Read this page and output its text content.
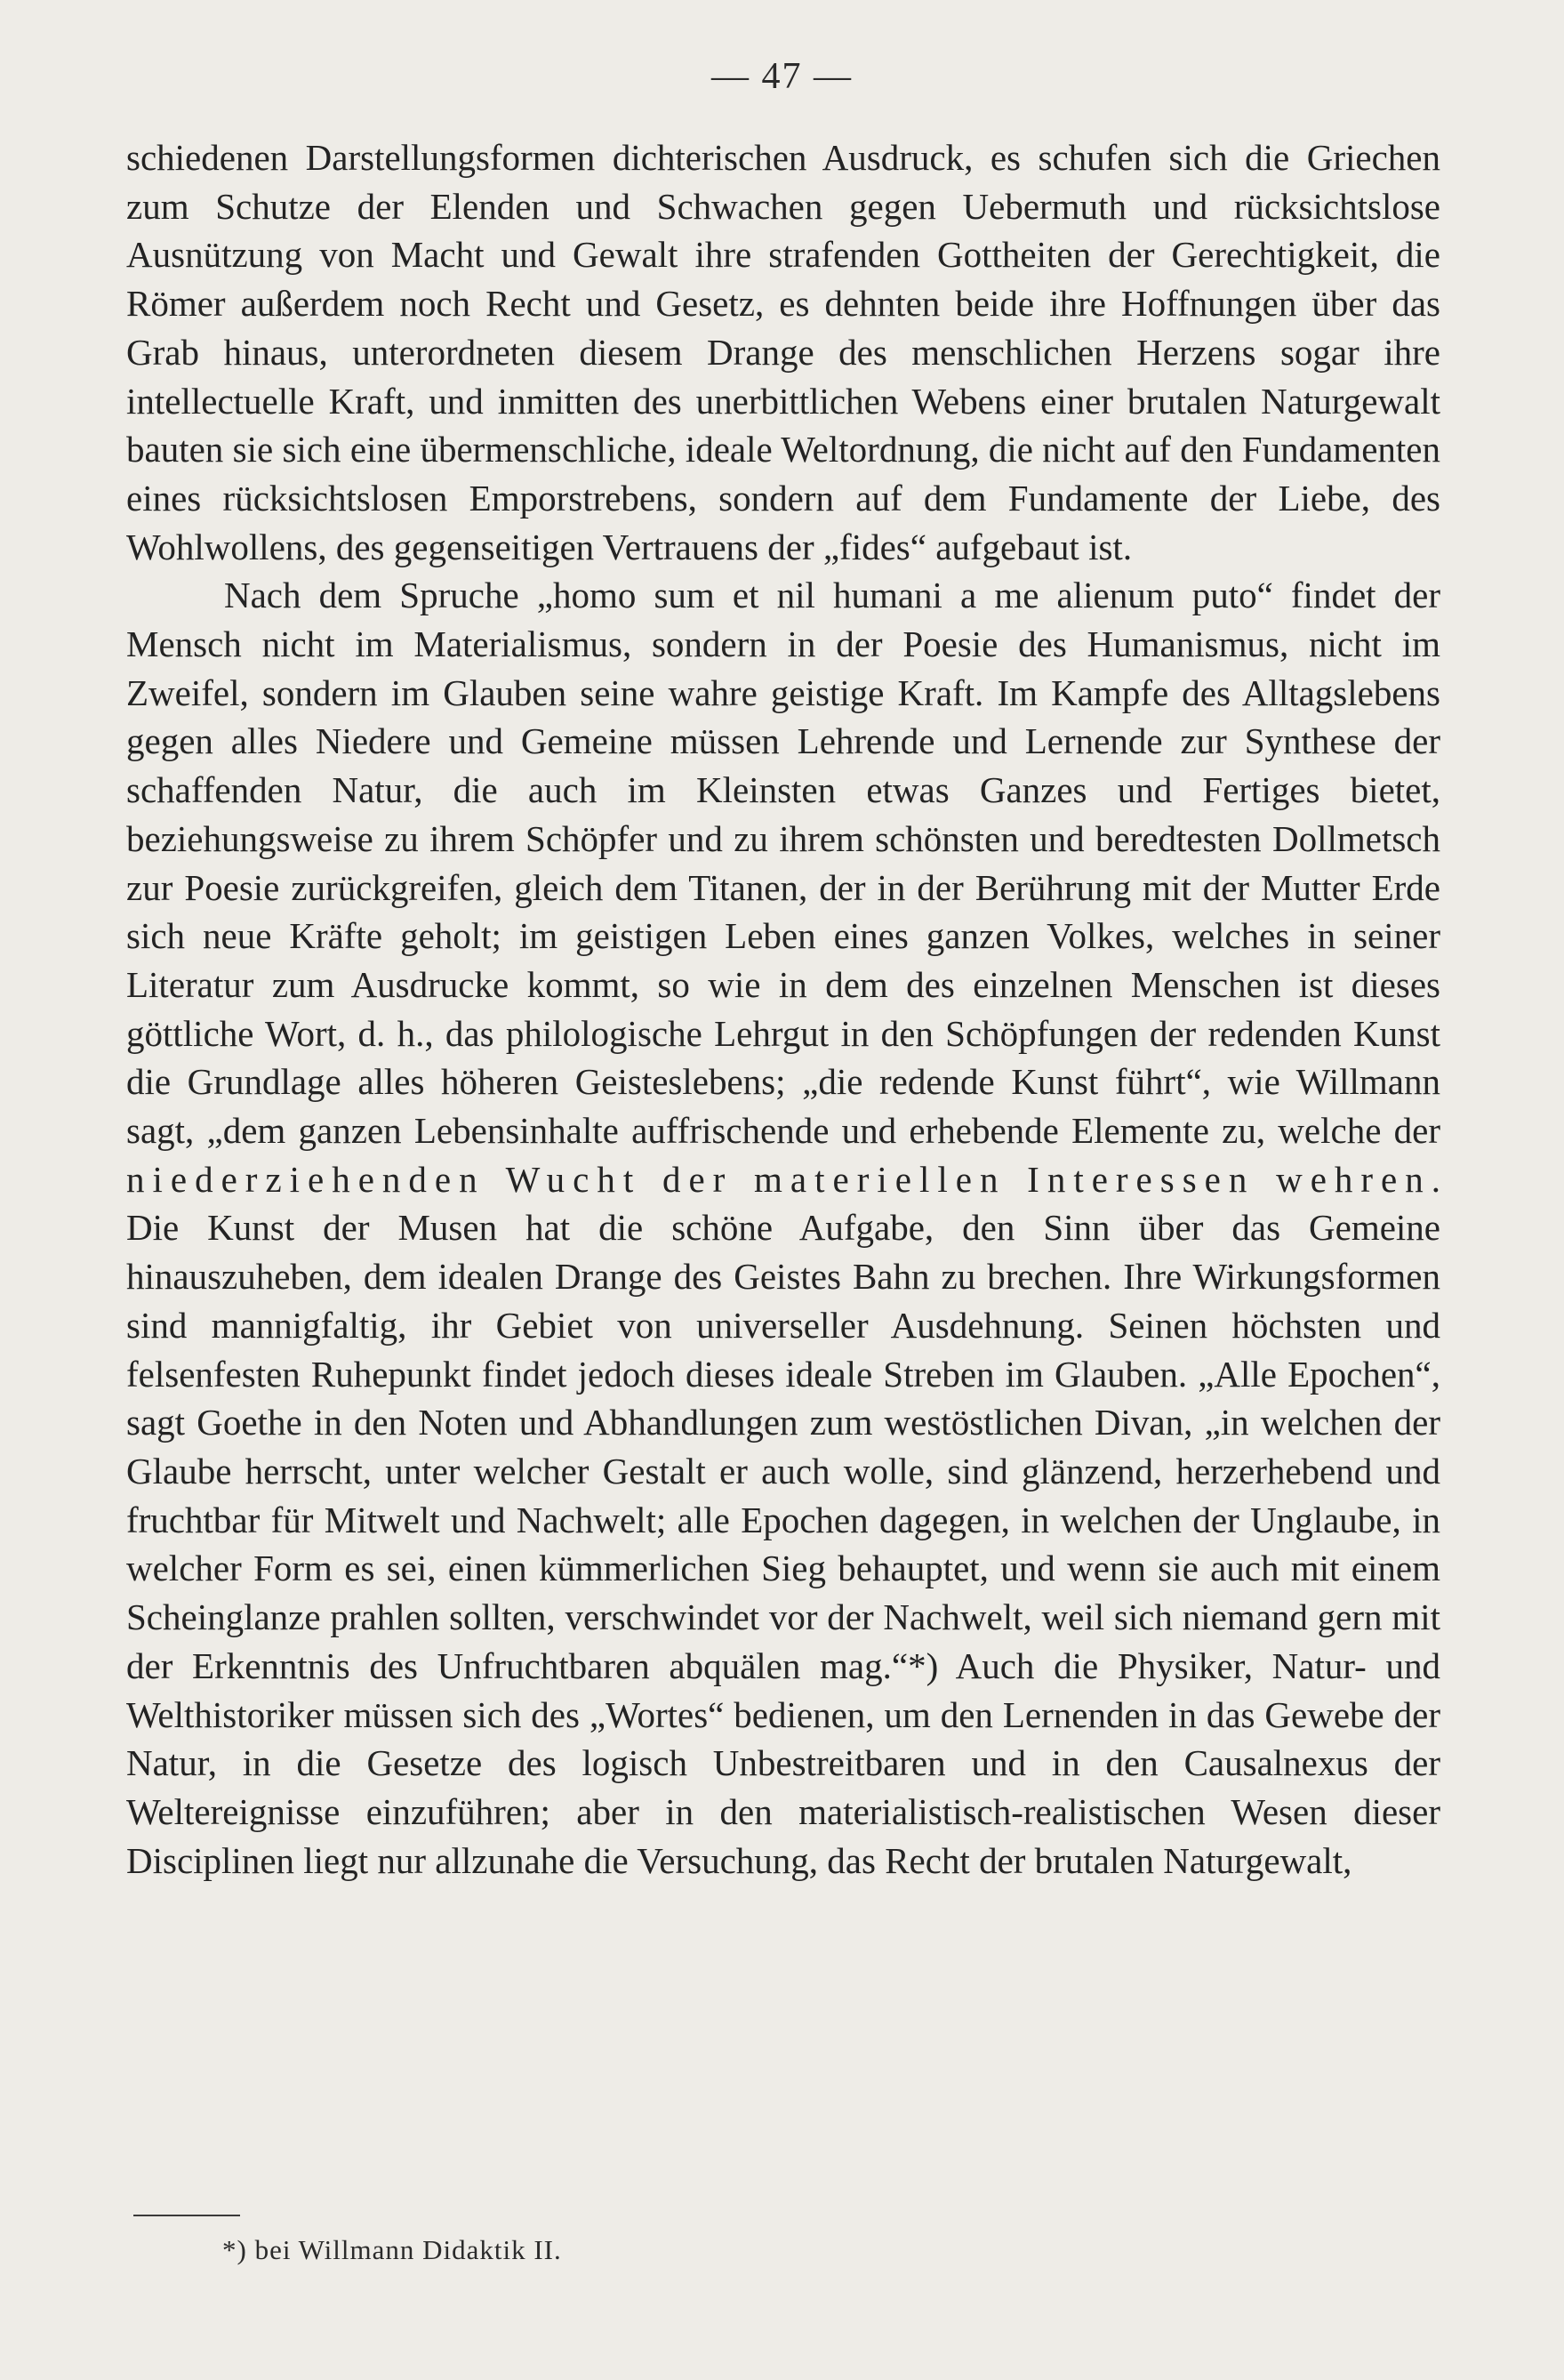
— 47 —

schiedenen Darstellungsformen dichterischen Ausdruck, es schufen sich die Griechen zum Schutze der Elenden und Schwachen gegen Uebermuth und rücksichtslose Ausnützung von Macht und Gewalt ihre strafenden Gottheiten der Gerechtigkeit, die Römer außerdem noch Recht und Gesetz, es dehnten beide ihre Hoffnungen über das Grab hinaus, unterordneten diesem Drange des menschlichen Herzens sogar ihre intellectuelle Kraft, und inmitten des unerbittlichen Webens einer brutalen Naturgewalt bauten sie sich eine übermenschliche, ideale Weltordnung, die nicht auf den Fundamenten eines rücksichtslosen Emporstrebens, sondern auf dem Fundamente der Liebe, des Wohlwollens, des gegenseitigen Vertrauens der „fides“ aufgebaut ist.

Nach dem Spruche „homo sum et nil humani a me alienum puto“ findet der Mensch nicht im Materialismus, sondern in der Poesie des Humanismus, nicht im Zweifel, sondern im Glauben seine wahre geistige Kraft. Im Kampfe des Alltagslebens gegen alles Niedere und Gemeine müssen Lehrende und Lernende zur Synthese der schaffenden Natur, die auch im Kleinsten etwas Ganzes und Fertiges bietet, beziehungsweise zu ihrem Schöpfer und zu ihrem schönsten und beredtesten Dollmetsch zur Poesie zurückgreifen, gleich dem Titanen, der in der Berührung mit der Mutter Erde sich neue Kräfte geholt; im geistigen Leben eines ganzen Volkes, welches in seiner Literatur zum Ausdrucke kommt, so wie in dem des einzelnen Menschen ist dieses göttliche Wort, d. h., das philologische Lehrgut in den Schöpfungen der redenden Kunst die Grundlage alles höheren Geisteslebens; „die redende Kunst führt“, wie Willmann sagt, „dem ganzen Lebensinhalte auffrischende und erhebende Elemente zu, welche der niederziehenden Wucht der materiellen Interessen wehren. Die Kunst der Musen hat die schöne Aufgabe, den Sinn über das Gemeine hinauszuheben, dem idealen Drange des Geistes Bahn zu brechen. Ihre Wirkungsformen sind mannigfaltig, ihr Gebiet von universeller Ausdehnung. Seinen höchsten und felsenfesten Ruhepunkt findet jedoch dieses ideale Streben im Glauben. „Alle Epochen“, sagt Goethe in den Noten und Abhandlungen zum westöstlichen Divan, „in welchen der Glaube herrscht, unter welcher Gestalt er auch wolle, sind glänzend, herzerhebend und fruchtbar für Mitwelt und Nachwelt; alle Epochen dagegen, in welchen der Unglaube, in welcher Form es sei, einen kümmerlichen Sieg behauptet, und wenn sie auch mit einem Scheinglanze prahlen sollten, verschwindet vor der Nachwelt, weil sich niemand gern mit der Erkenntnis des Unfruchtbaren abquälen mag.“*) Auch die Physiker, Natur- und Welthistoriker müssen sich des „Wortes“ bedienen, um den Lernenden in das Gewebe der Natur, in die Gesetze des logisch Unbestreitbaren und in den Causalnexus der Weltereignisse einzuführen; aber in den materialistisch-realistischen Wesen dieser Disciplinen liegt nur allzunahe die Versuchung, das Recht der brutalen Naturgewalt,

*) bei Willmann Didaktik II.
